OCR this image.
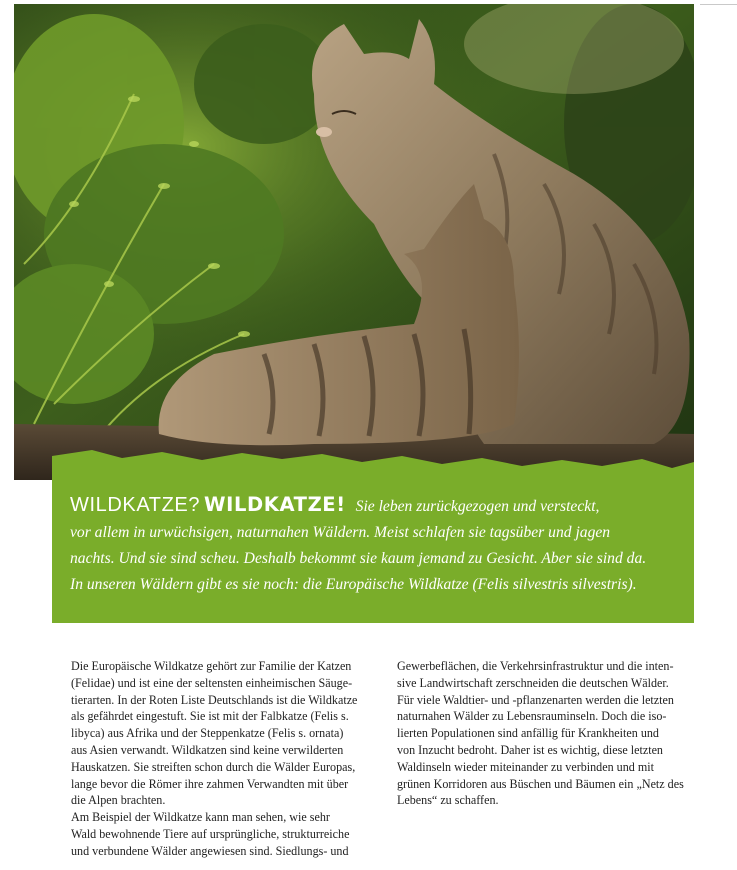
WILDKATZE? WILDKATZE! Sie leben zurückgezogen und versteckt,
vor allem in urwüchsigen, naturnahen Wäldern. Meist schlafen sie tagsüber und jagen
nachts. Und sie sind scheu. Deshalb bekommt sie kaum jemand zu Gesicht. Aber sie sind da.
In unseren Wäldern gibt es sie noch: die Europäische Wildkatze (Felis silvestris silvestris).
Die Europäische Wildkatze gehört zur Familie der Katzen
(Felidae) und ist eine der seltensten einheimischen Säuge-
tierarten. In der Roten Liste Deutschlands ist die Wildkatze
als gefährdet eingestuft. Sie ist mit der Falbkatze (Felis s.
libyca) aus Afrika und der Steppenkatze (Felis s. ornata)
aus Asien verwandt. Wildkatzen sind keine verwilderten
Hauskatzen. Sie streiften schon durch die Wälder Europas,
lange bevor die Römer ihre zahmen Verwandten mit über
die Alpen brachten.
Am Beispiel der Wildkatze kann man sehen, wie sehr
Wald bewohnende Tiere auf ursprüngliche, strukturreiche
und verbundene Wälder angewiesen sind. Siedlungs- und
Gewerbeflächen, die Verkehrsinfrastruktur und die inten-
sive Landwirtschaft zerschneiden die deutschen Wälder.
Für viele Waldtier- und -pflanzenarten werden die letzten
naturnahen Wälder zu Lebensrauminseln. Doch die iso-
lierten Populationen sind anfällig für Krankheiten und
von Inzucht bedroht. Daher ist es wichtig, diese letzten
Waldinseln wieder miteinander zu verbinden und mit
grünen Korridoren aus Büschen und Bäumen ein „Netz des
Lebens“ zu schaffen.
